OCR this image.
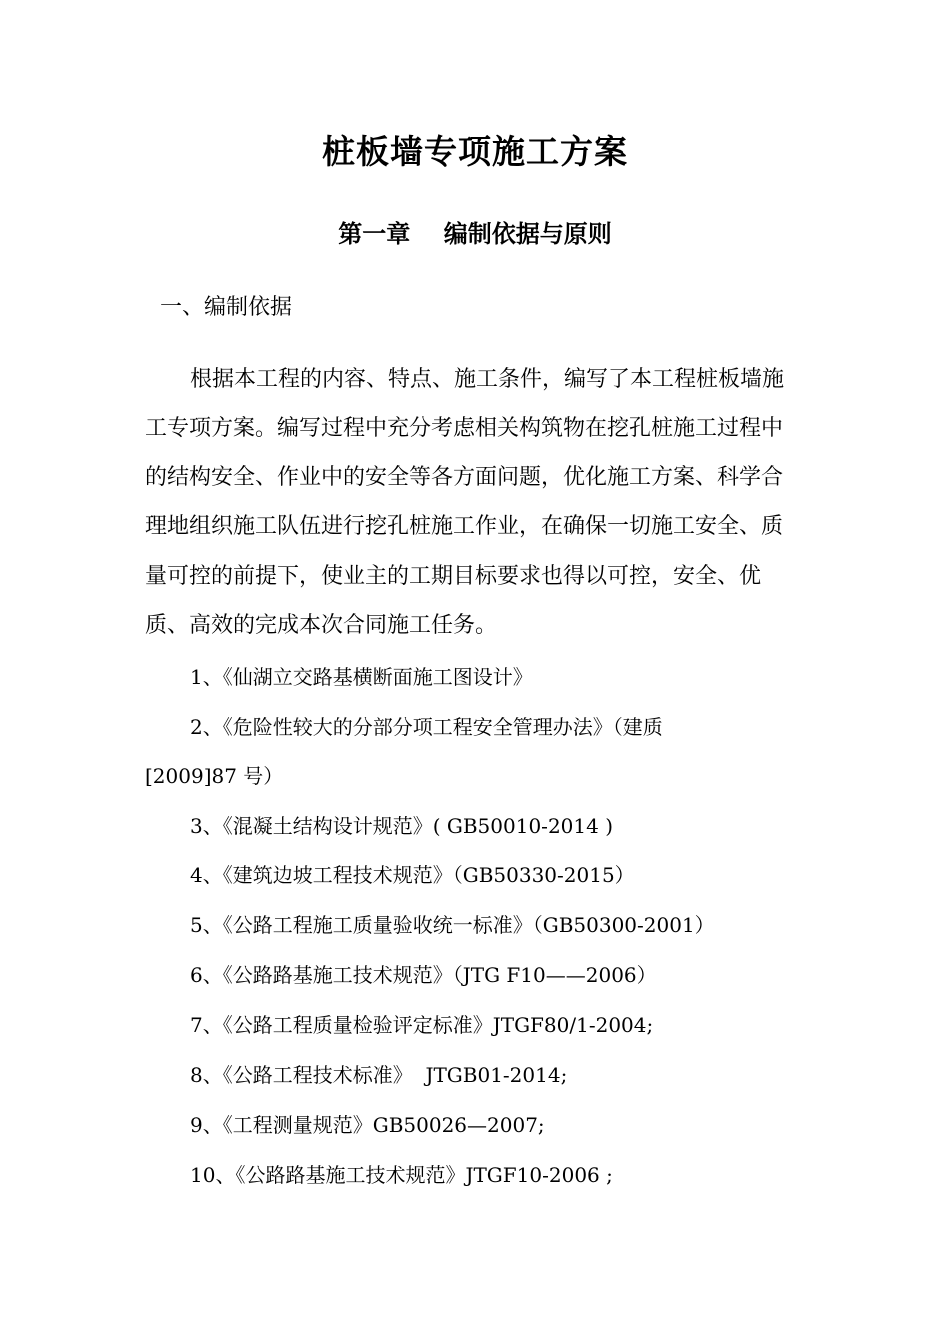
桩板墙专项施工方案
第一章    编制依据与原则
一、编制依据
根据本工程的内容、特点、施工条件，编写了本工程桩板墙施
工专项方案。编写过程中充分考虑相关构筑物在挖孔桩施工过程中
的结构安全、作业中的安全等各方面问题，优化施工方案、科学合
理地组织施工队伍进行挖孔桩施工作业，在确保一切施工安全、质
量可控的前提下，使业主的工期目标要求也得以可控，安全、优
质、高效的完成本次合同施工任务。
1、《仙湖立交路基横断面施工图设计》
2、《危险性较大的分部分项工程安全管理办法》（建质
[2009]87 号）
3、《混凝土结构设计规范》( GB50010-2014 )
4、《建筑边坡工程技术规范》（GB50330-2015）
5、《公路工程施工质量验收统一标准》（GB50300-2001）
6、《公路路基施工技术规范》（JTG F10——2006）
7、《公路工程质量检验评定标准》JTGF80/1-2004;
8、《公路工程技术标准》  JTGB01-2014;
9、《工程测量规范》GB50026—2007;
10、《公路路基施工技术规范》JTGF10-2006 ;
